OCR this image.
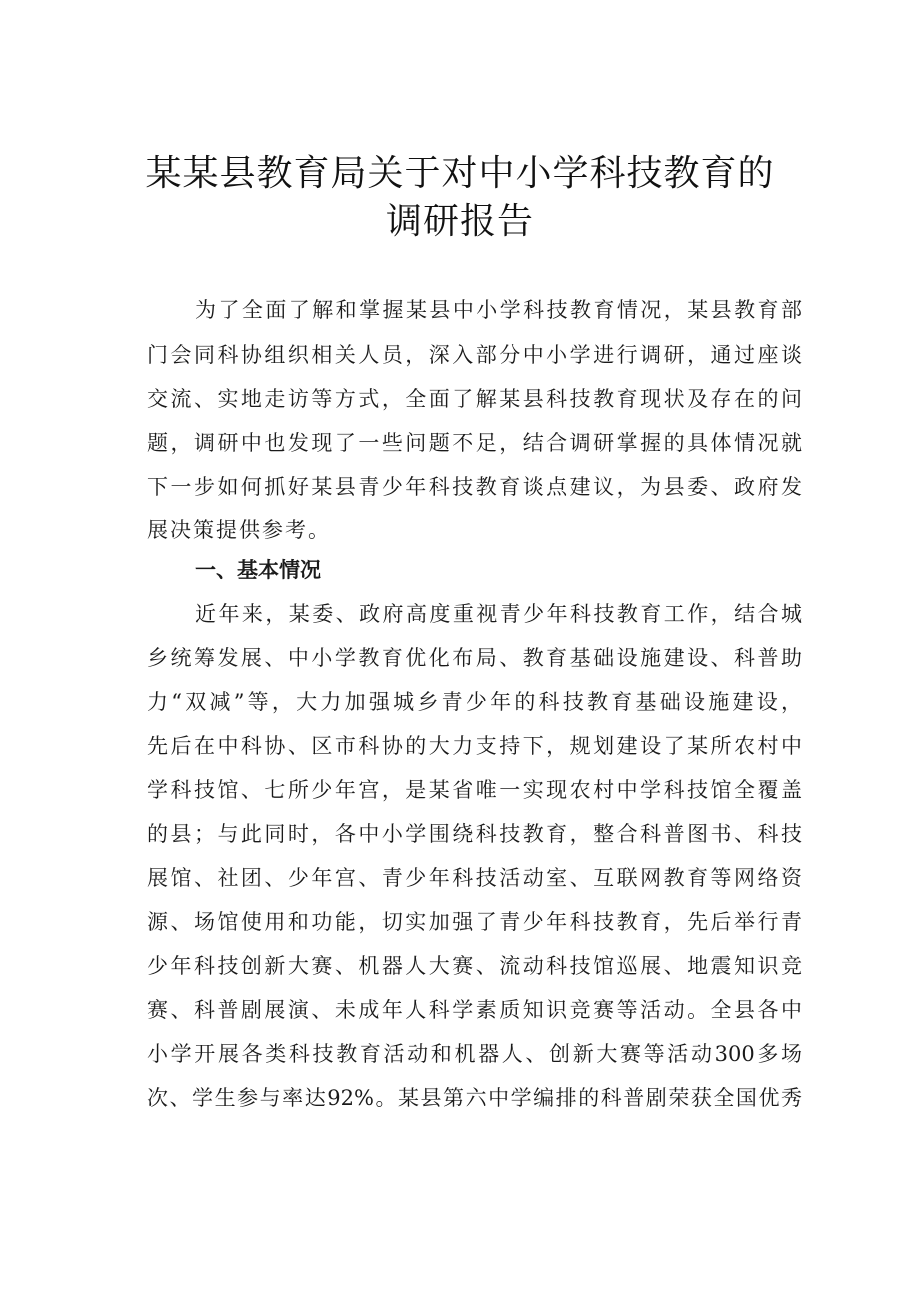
某某县教育局关于对中小学科技教育的
调研报告
为了全面了解和掌握某县中小学科技教育情况，某县教育部
门会同科协组织相关人员，深入部分中小学进行调研，通过座谈
交流、实地走访等方式，全面了解某县科技教育现状及存在的问
题，调研中也发现了一些问题不足，结合调研掌握的具体情况就
下一步如何抓好某县青少年科技教育谈点建议，为县委、政府发
展决策提供参考。
一、基本情况
近年来，某委、政府高度重视青少年科技教育工作，结合城
乡统筹发展、中小学教育优化布局、教育基础设施建设、科普助
力“双减”等，大力加强城乡青少年的科技教育基础设施建设，
先后在中科协、区市科协的大力支持下，规划建设了某所农村中
学科技馆、七所少年宫，是某省唯一实现农村中学科技馆全覆盖
的县；与此同时，各中小学围绕科技教育，整合科普图书、科技
展馆、社团、少年宫、青少年科技活动室、互联网教育等网络资
源、场馆使用和功能，切实加强了青少年科技教育，先后举行青
少年科技创新大赛、机器人大赛、流动科技馆巡展、地震知识竞
赛、科普剧展演、未成年人科学素质知识竞赛等活动。全县各中
小学开展各类科技教育活动和机器人、创新大赛等活动300多场
次、学生参与率达92%。某县第六中学编排的科普剧荣获全国优秀
